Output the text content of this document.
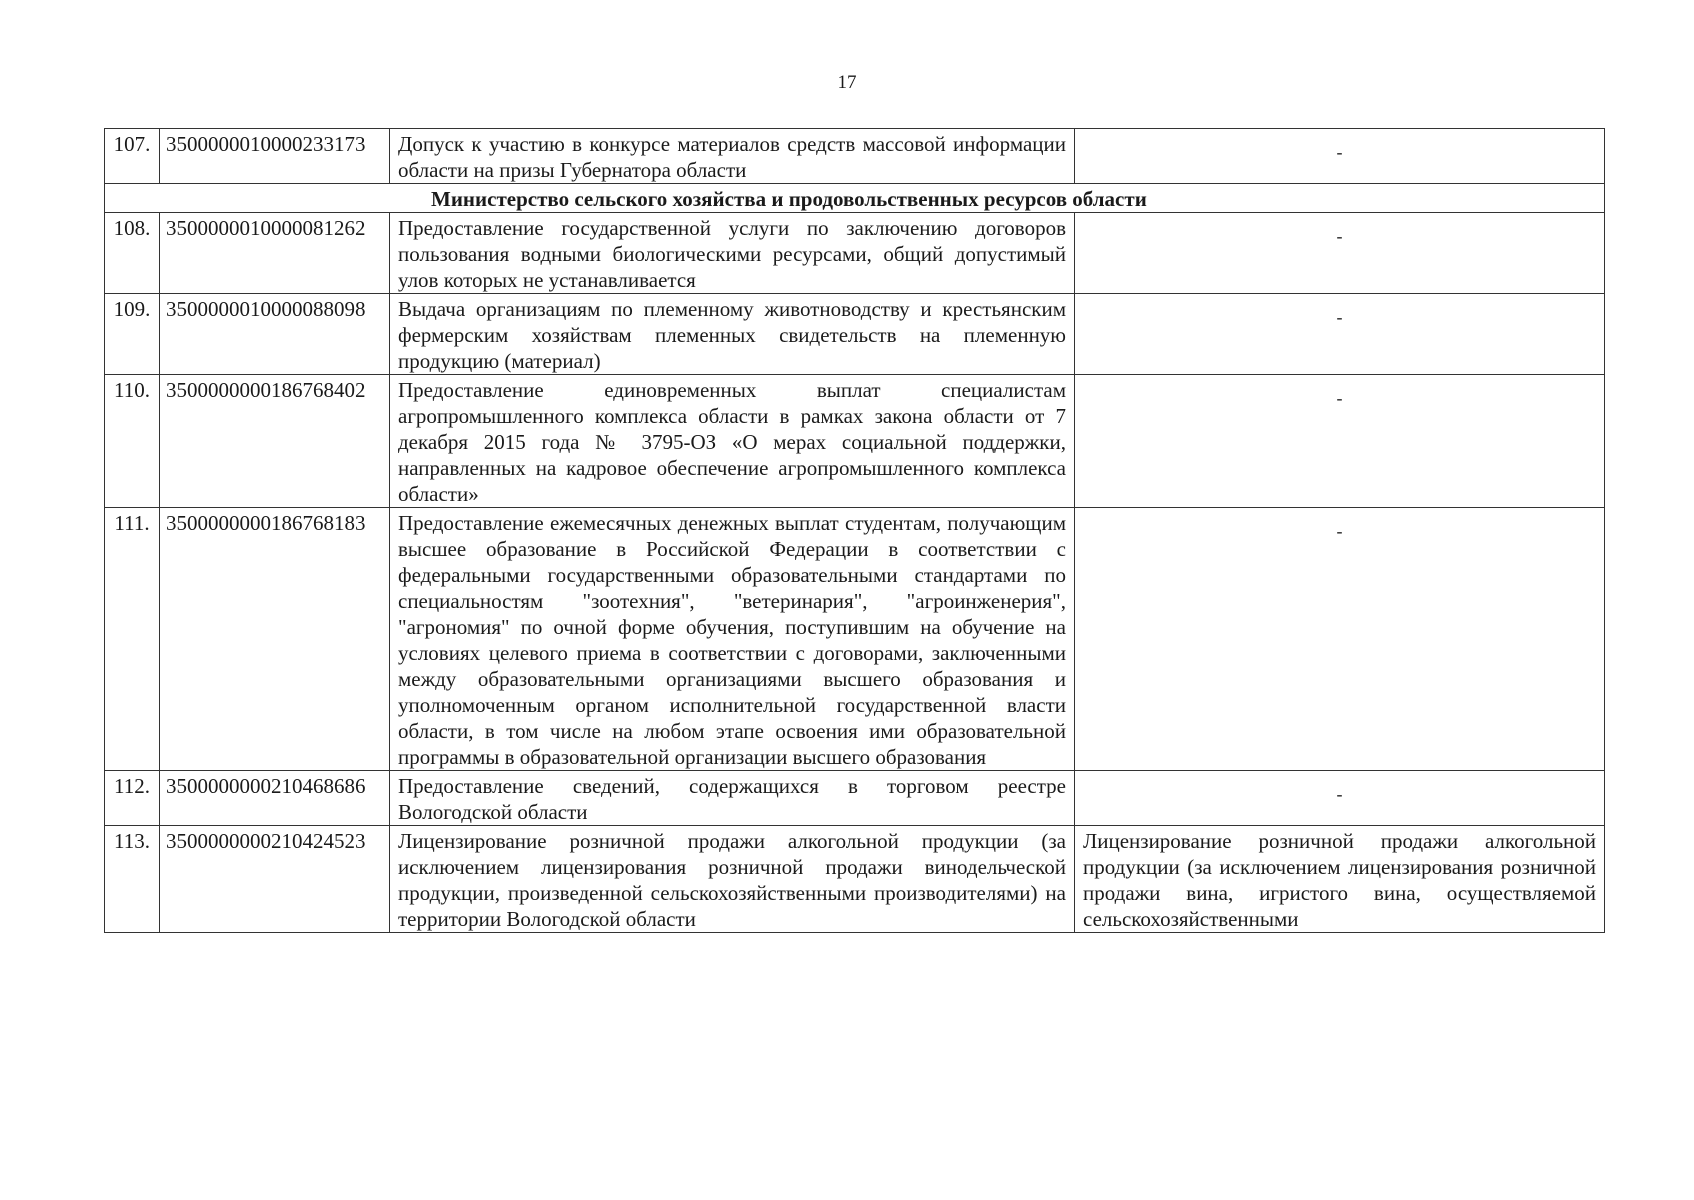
17
107.	3500000010000233173	Допуск к участию в конкурсе материалов средств массовой информации области на призы Губернатора области	-
Министерство сельского хозяйства и продовольственных ресурсов области			
108.	3500000010000081262	Предоставление государственной услуги по заключению договоров пользования водными биологическими ресурсами, общий допустимый улов которых не устанавливается	-
109.	3500000010000088098	Выдача организациям по племенному животноводству и крестьянским фермерским хозяйствам племенных свидетельств на племенную продукцию (материал)	-
110.	3500000000186768402	Предоставление единовременных выплат специалистам агропромышленного комплекса области в рамках закона области от 7 декабря 2015 года № 3795-ОЗ «О мерах социальной поддержки, направленных на кадровое обеспечение агропромышленного комплекса области»	-
111.	3500000000186768183	Предоставление ежемесячных денежных выплат студентам, получающим высшее образование в Российской Федерации в соответствии с федеральными государственными образовательными стандартами по специальностям "зоотехния", "ветеринария", "агроинженерия", "агрономия" по очной форме обучения, поступившим на обучение на условиях целевого приема в соответствии с договорами, заключенными между образовательными организациями высшего образования и уполномоченным органом исполнительной государственной власти области, в том числе на любом этапе освоения ими образовательной программы в образовательной организации высшего образования	-
112.	3500000000210468686	Предоставление сведений, содержащихся в торговом реестре Вологодской области	-
113.	3500000000210424523	Лицензирование розничной продажи алкогольной продукции (за исключением лицензирования розничной продажи винодельческой продукции, произведенной сельскохозяйственными производителями) на территории Вологодской области	Лицензирование розничной продажи алкогольной продукции (за исключением лицензирования розничной продажи вина, игристого вина, осуществляемой сельскохозяйственными
